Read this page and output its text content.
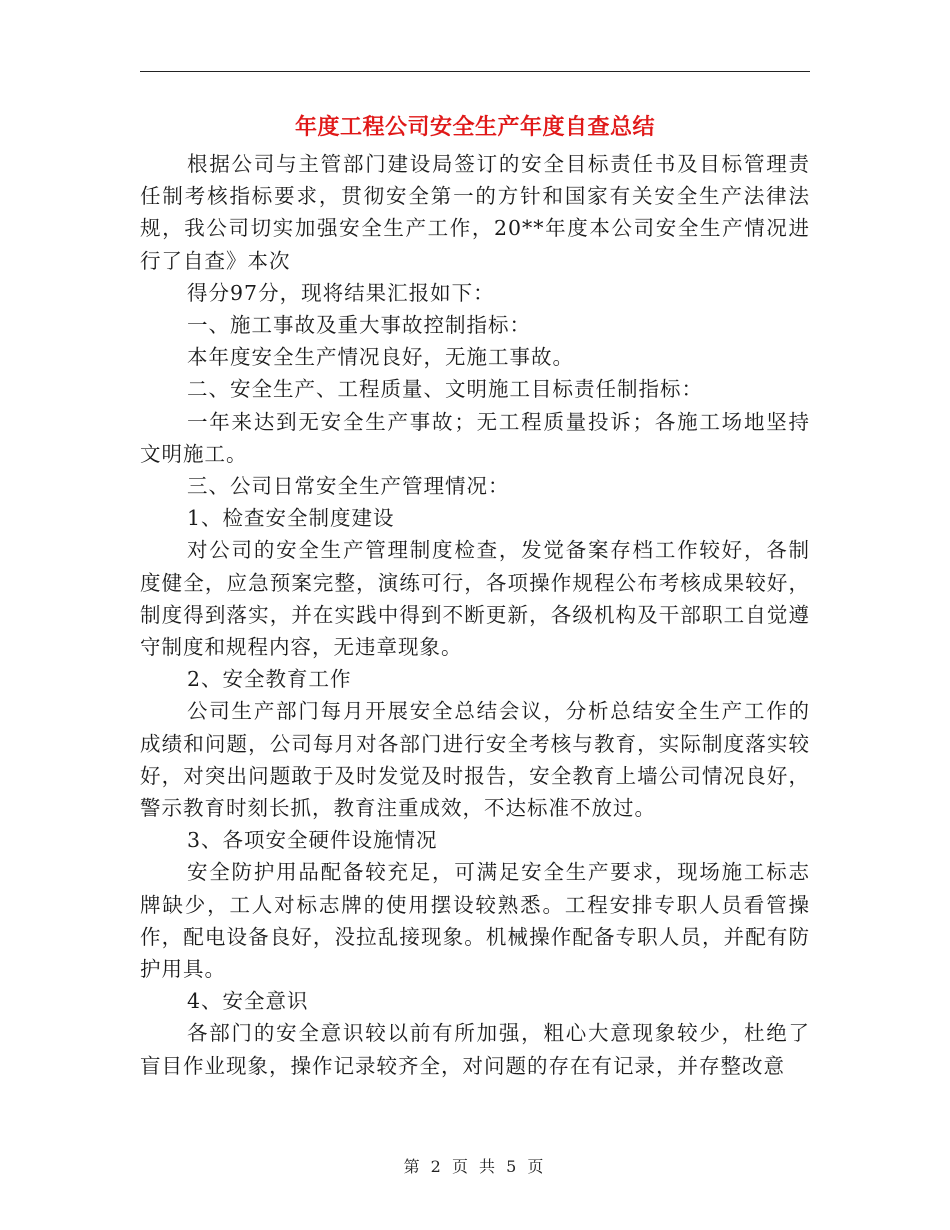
年度工程公司安全生产年度自查总结

根据公司与主管部门建设局签订的安全目标责任书及目标管理责任制考核指标要求，贯彻安全第一的方针和国家有关安全生产法律法规，我公司切实加强安全生产工作，20**年度本公司安全生产情况进行了自查》本次

得分97分，现将结果汇报如下：

一、施工事故及重大事故控制指标：

本年度安全生产情况良好，无施工事故。

二、安全生产、工程质量、文明施工目标责任制指标：

一年来达到无安全生产事故；无工程质量投诉；各施工场地坚持文明施工。

三、公司日常安全生产管理情况：

1、检查安全制度建设

对公司的安全生产管理制度检查，发觉备案存档工作较好，各制度健全，应急预案完整，演练可行，各项操作规程公布考核成果较好，制度得到落实，并在实践中得到不断更新，各级机构及干部职工自觉遵守制度和规程内容，无违章现象。

2、安全教育工作

公司生产部门每月开展安全总结会议，分析总结安全生产工作的成绩和问题，公司每月对各部门进行安全考核与教育，实际制度落实较好，对突出问题敢于及时发觉及时报告，安全教育上墙公司情况良好，警示教育时刻长抓，教育注重成效，不达标准不放过。

3、各项安全硬件设施情况

安全防护用品配备较充足，可满足安全生产要求，现场施工标志牌缺少，工人对标志牌的使用摆设较熟悉。工程安排专职人员看管操作，配电设备良好，没拉乱接现象。机械操作配备专职人员，并配有防护用具。

4、安全意识

各部门的安全意识较以前有所加强，粗心大意现象较少，杜绝了盲目作业现象，操作记录较齐全，对问题的存在有记录，并存整改意

第 2 页 共 5 页
